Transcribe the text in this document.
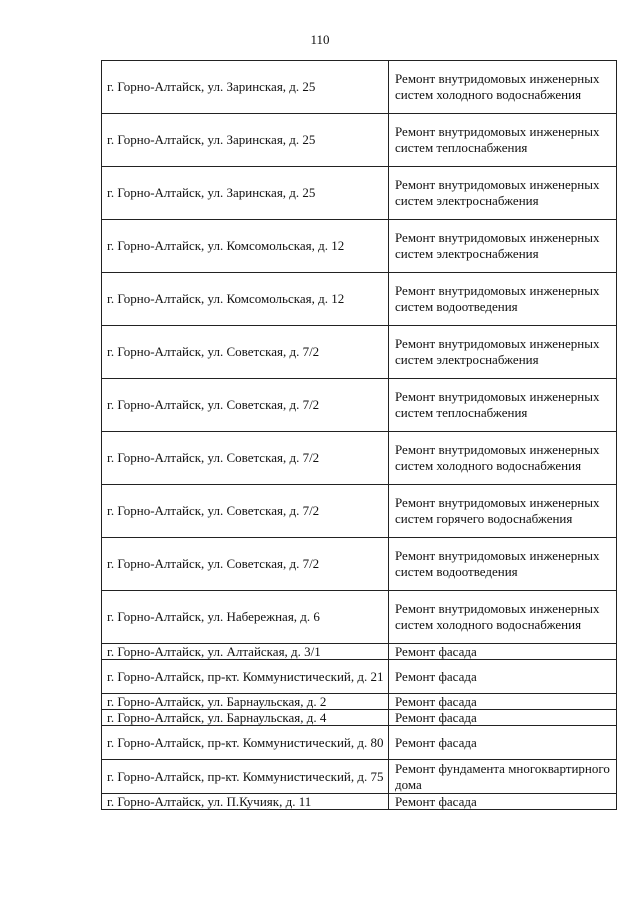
110
г. Горно-Алтайск, ул. Заринская, д. 25	Ремонт внутридомовых инженерных систем холодного водоснабжения
г. Горно-Алтайск, ул. Заринская, д. 25	Ремонт внутридомовых инженерных систем теплоснабжения
г. Горно-Алтайск, ул. Заринская, д. 25	Ремонт внутридомовых инженерных систем электроснабжения
г. Горно-Алтайск, ул. Комсомольская, д. 12	Ремонт внутридомовых инженерных систем электроснабжения
г. Горно-Алтайск, ул. Комсомольская, д. 12	Ремонт внутридомовых инженерных систем водоотведения
г. Горно-Алтайск, ул. Советская, д. 7/2	Ремонт внутридомовых инженерных систем электроснабжения
г. Горно-Алтайск, ул. Советская, д. 7/2	Ремонт внутридомовых инженерных систем теплоснабжения
г. Горно-Алтайск, ул. Советская, д. 7/2	Ремонт внутридомовых инженерных систем холодного водоснабжения
г. Горно-Алтайск, ул. Советская, д. 7/2	Ремонт внутридомовых инженерных систем горячего водоснабжения
г. Горно-Алтайск, ул. Советская, д. 7/2	Ремонт внутридомовых инженерных систем водоотведения
г. Горно-Алтайск, ул. Набережная, д. 6	Ремонт внутридомовых инженерных систем холодного водоснабжения
г. Горно-Алтайск, ул. Алтайская, д. 3/1	Ремонт фасада
г. Горно-Алтайск, пр-кт. Коммунистический, д. 21	Ремонт фасада
г. Горно-Алтайск, ул. Барнаульская, д. 2	Ремонт фасада
г. Горно-Алтайск, ул. Барнаульская, д. 4	Ремонт фасада
г. Горно-Алтайск, пр-кт. Коммунистический, д. 80	Ремонт фасада
г. Горно-Алтайск, пр-кт. Коммунистический, д. 75	Ремонт фундамента многоквартирного дома
г. Горно-Алтайск, ул. П.Кучияк, д. 11	Ремонт фасада
